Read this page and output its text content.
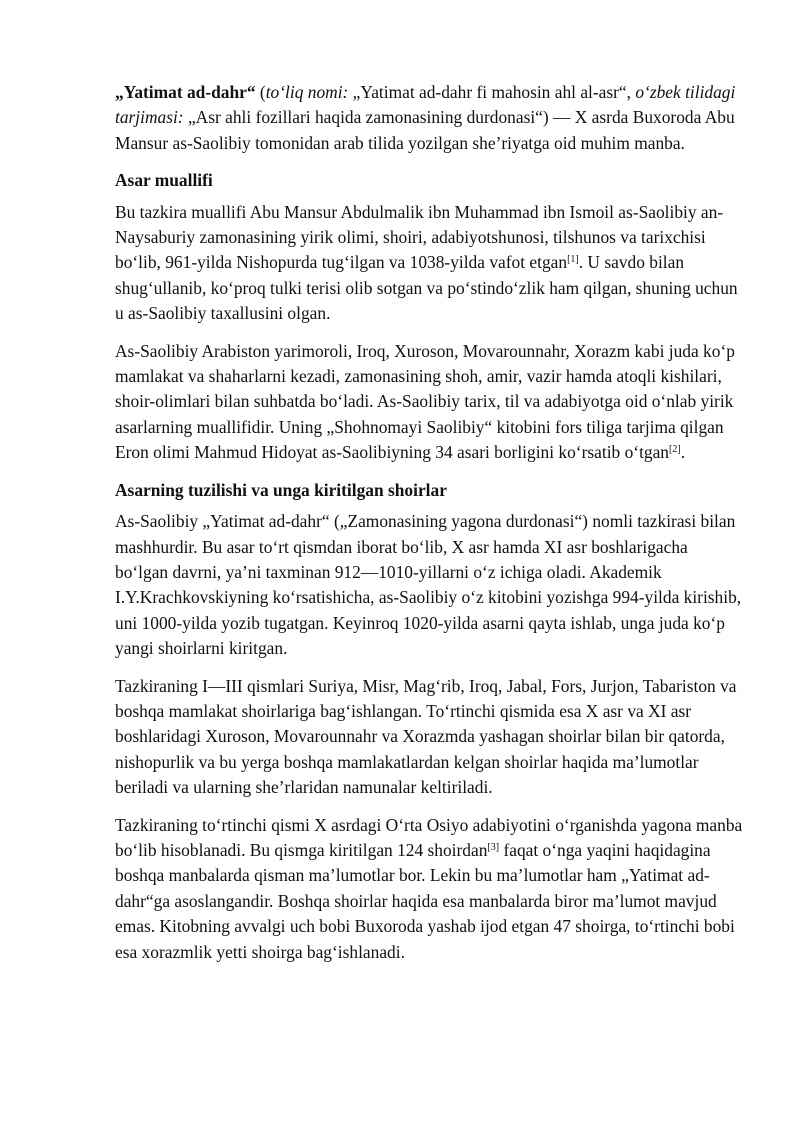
„Yatimat ad-dahr“ (to‘liq nomi: „Yatimat ad-dahr fi mahosin ahl al-asr“, o‘zbek tilidagi tarjimasi: „Asr ahli fozillari haqida zamonasining durdonasi“) — X asrda Buxoroda Abu Mansur as-Saolibiy tomonidan arab tilida yozilgan she’riyatga oid muhim manba.

Asar muallifi

Bu tazkira muallifi Abu Mansur Abdulmalik ibn Muhammad ibn Ismoil as-Saolibiy an-Naysaburiy zamonasining yirik olimi, shoiri, adabiyotshunosi, tilshunos va tarixchisi bo‘lib, 961-yilda Nishopurda tug‘ilgan va 1038-yilda vafot etgan[1]. U savdo bilan shug‘ullanib, ko‘proq tulki terisi olib sotgan va po‘stindo‘zlik ham qilgan, shuning uchun u as-Saolibiy taxallusini olgan.

As-Saolibiy Arabiston yarimoroli, Iroq, Xuroson, Movarounnahr, Xorazm kabi juda ko‘p mamlakat va shaharlarni kezadi, zamonasining shoh, amir, vazir hamda atoqli kishilari, shoir-olimlari bilan suhbatda bo‘ladi. As-Saolibiy tarix, til va adabiyotga oid o‘nlab yirik asarlarning muallifidir. Uning „Shohnomayi Saolibiy“ kitobini fors tiliga tarjima qilgan Eron olimi Mahmud Hidoyat as-Saolibiyning 34 asari borligini ko‘rsatib o‘tgan[2].

Asarning tuzilishi va unga kiritilgan shoirlar

As-Saolibiy „Yatimat ad-dahr“ („Zamonasining yagona durdonasi“) nomli tazkirasi bilan mashhurdir. Bu asar to‘rt qismdan iborat bo‘lib, X asr hamda XI asr boshlarigacha bo‘lgan davrni, ya’ni taxminan 912—1010-yillarni o‘z ichiga oladi. Akademik I.Y.Krachkovskiyning ko‘rsatishicha, as-Saolibiy o‘z kitobini yozishga 994-yilda kirishib, uni 1000-yilda yozib tugatgan. Keyinroq 1020-yilda asarni qayta ishlab, unga juda ko‘p yangi shoirlarni kiritgan.

Tazkiraning I—III qismlari Suriya, Misr, Mag‘rib, Iroq, Jabal, Fors, Jurjon, Tabariston va boshqa mamlakat shoirlariga bag‘ishlangan. To‘rtinchi qismida esa X asr va XI asr boshlaridagi Xuroson, Movarounnahr va Xorazmda yashagan shoirlar bilan bir qatorda, nishopurlik va bu yerga boshqa mamlakatlardan kelgan shoirlar haqida ma’lumotlar beriladi va ularning she’rlaridan namunalar keltiriladi.

Tazkiraning to‘rtinchi qismi X asrdagi O‘rta Osiyo adabiyotini o‘rganishda yagona manba bo‘lib hisoblanadi. Bu qismga kiritilgan 124 shoirdan[3] faqat o‘nga yaqini haqidagina boshqa manbalarda qisman ma’lumotlar bor. Lekin bu ma’lumotlar ham „Yatimat ad-dahr“ga asoslangandir. Boshqa shoirlar haqida esa manbalarda biror ma’lumot mavjud emas. Kitobning avvalgi uch bobi Buxoroda yashab ijod etgan 47 shoirga, to‘rtinchi bobi esa xorazmlik yetti shoirga bag‘ishlanadi.
